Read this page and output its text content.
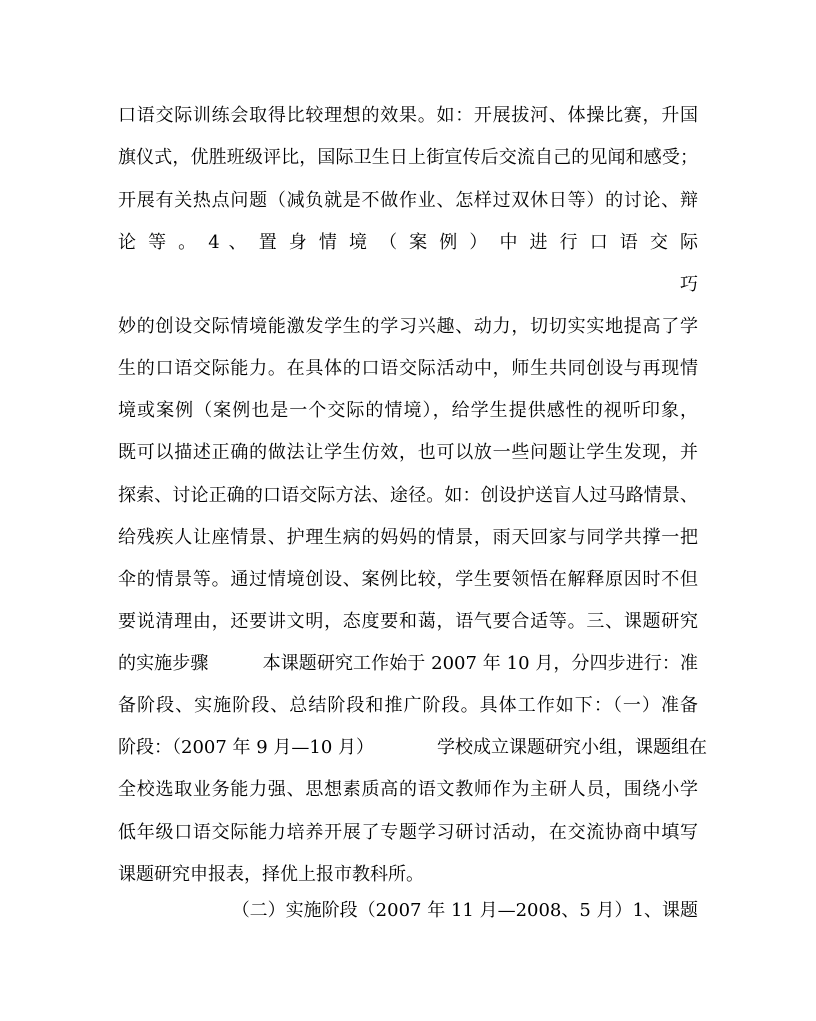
口语交际训练会取得比较理想的效果。如：开展拔河、体操比赛，升国
旗仪式，优胜班级评比，国际卫生日上街宣传后交流自己的见闻和感受；
开展有关热点问题（减负就是不做作业、怎样过双休日等）的讨论、辩
论 等 。 4 、 置 身 情 境 （ 案 例 ） 中 进 行 口 语 交 际
巧
妙的创设交际情境能激发学生的学习兴趣、动力，切切实实地提高了学
生的口语交际能力。在具体的口语交际活动中，师生共同创设与再现情
境或案例（案例也是一个交际的情境），给学生提供感性的视听印象，
既可以描述正确的做法让学生仿效，也可以放一些问题让学生发现，并
探索、讨论正确的口语交际方法、途径。如：创设护送盲人过马路情景、
给残疾人让座情景、护理生病的妈妈的情景，雨天回家与同学共撑一把
伞的情景等。通过情境创设、案例比较，学生要领悟在解释原因时不但
要说清理由，还要讲文明，态度要和蔼，语气要合适等。三、课题研究
的实施步骤　　　本课题研究工作始于 2007 年 10 月，分四步进行：准
备阶段、实施阶段、总结阶段和推广阶段。具体工作如下：（一）准备
阶段：（2007 年 9 月—10 月）　　　　学校成立课题研究小组，课题组在
全校选取业务能力强、思想素质高的语文教师作为主研人员，围绕小学
低年级口语交际能力培养开展了专题学习研讨活动，在交流协商中填写
课题研究申报表，择优上报市教科所。
（二）实施阶段（2007 年 11 月—2008、5 月）1、课题
